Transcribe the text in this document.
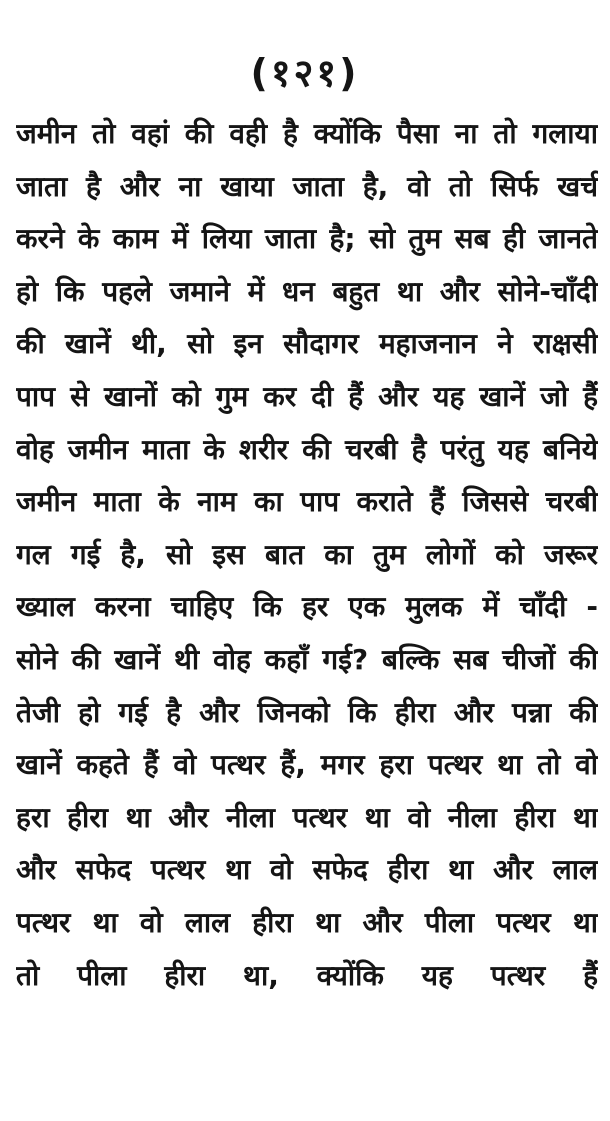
(१२१)
जमीन तो वहां की वही है क्योंकि पैसा ना तो गलाया
जाता है और ना खाया जाता है, वो तो सिर्फ खर्च
करने के काम में लिया जाता है; सो तुम सब ही जानते
हो कि पहले जमाने में धन बहुत था और सोने-चाँदी
की खानें थी, सो इन सौदागर महाजनान ने राक्षसी
पाप से खानों को गुम कर दी हैं और यह खानें जो हैं
वोह जमीन माता के शरीर की चरबी है परंतु यह बनिये
जमीन माता के नाम का पाप कराते हैं जिससे चरबी
गल गई है, सो इस बात का तुम लोगों को जरूर
ख्याल करना चाहिए कि हर एक मुलक में चाँदी -
सोने की खानें थी वोह कहाँ गई? बल्कि सब चीजों की
तेजी हो गई है और जिनको कि हीरा और पन्ना की
खानें कहते हैं वो पत्थर हैं, मगर हरा पत्थर था तो वो
हरा हीरा था और नीला पत्थर था वो नीला हीरा था
और सफेद पत्थर था वो सफेद हीरा था और लाल
पत्थर था वो लाल हीरा था और पीला पत्थर था
तो पीला हीरा था, क्योंकि यह पत्थर हैं
